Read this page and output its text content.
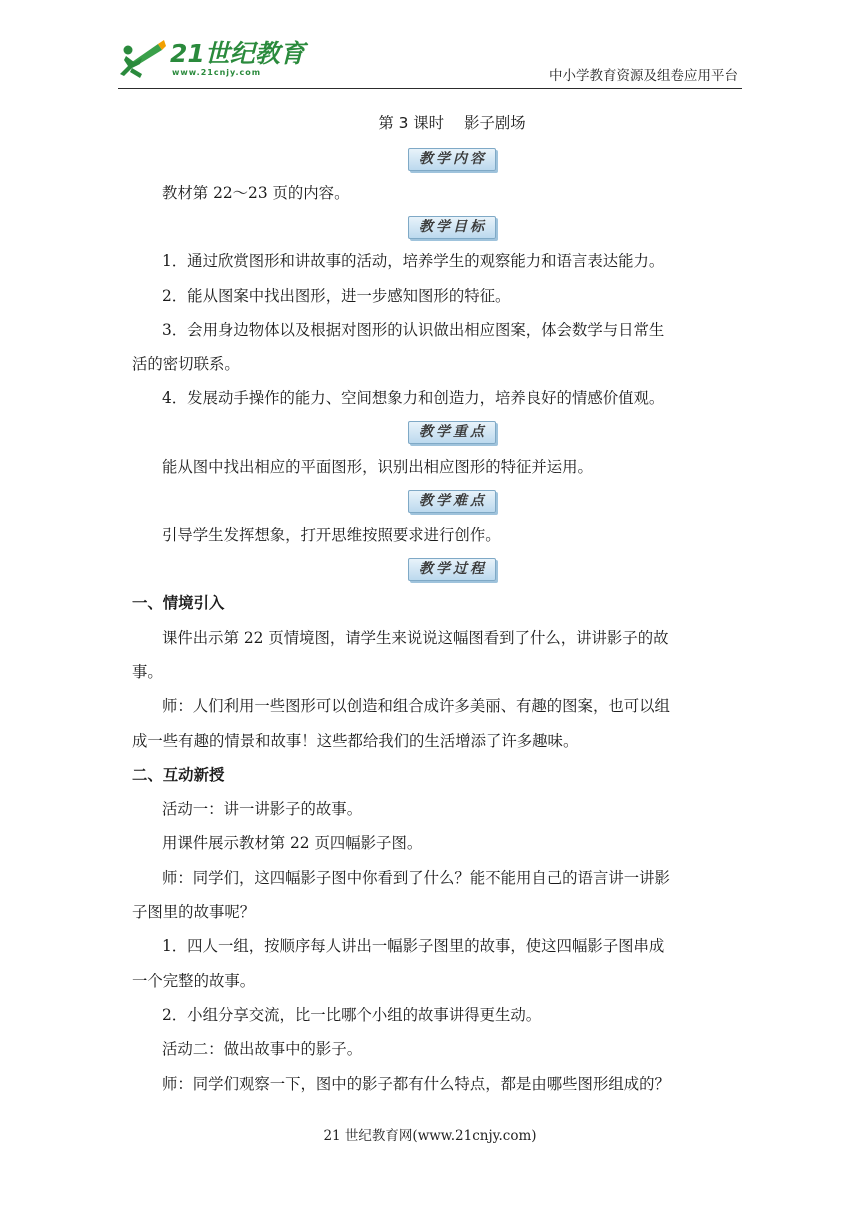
21世纪教育
www.21cnjy.com	中小学教育资源及组卷应用平台
第 3 课时 影子剧场
教学内容

教材第 22～23 页的内容。

教学目标

1．通过欣赏图形和讲故事的活动，培养学生的观察能力和语言表达能力。

2．能从图案中找出图形，进一步感知图形的特征。

3．会用身边物体以及根据对图形的认识做出相应图案，体会数学与日常生

活的密切联系。

4．发展动手操作的能力、空间想象力和创造力，培养良好的情感价值观。

教学重点

能从图中找出相应的平面图形，识别出相应图形的特征并运用。

教学难点

引导学生发挥想象，打开思维按照要求进行创作。

教学过程

一、情境引入

课件出示第 22 页情境图，请学生来说说这幅图看到了什么，讲讲影子的故

事。

师：人们利用一些图形可以创造和组合成许多美丽、有趣的图案，也可以组

成一些有趣的情景和故事！这些都给我们的生活增添了许多趣味。

二、互动新授

活动一：讲一讲影子的故事。

用课件展示教材第 22 页四幅影子图。

师：同学们，这四幅影子图中你看到了什么？能不能用自己的语言讲一讲影

子图里的故事呢？

1．四人一组，按顺序每人讲出一幅影子图里的故事，使这四幅影子图串成

一个完整的故事。

2．小组分享交流，比一比哪个小组的故事讲得更生动。

活动二：做出故事中的影子。

师：同学们观察一下，图中的影子都有什么特点，都是由哪些图形组成的？

21 世纪教育网(www.21cnjy.com)
